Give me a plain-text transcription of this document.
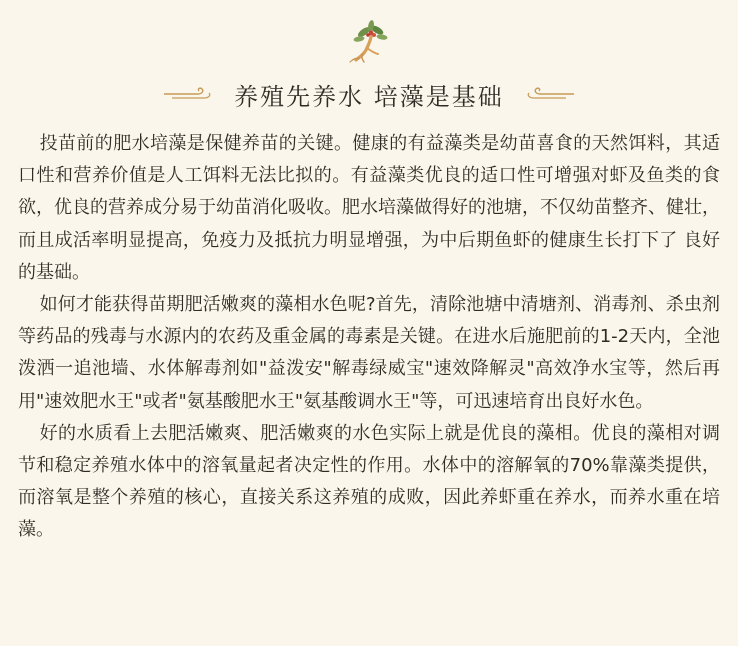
养殖先养水 培藻是基础

投苗前的肥水培藻是保健养苗的关键。健康的有益藻类是幼苗喜食的天然饵料，其适口性和营养价值是人工饵料无法比拟的。有益藻类优良的适口性可增强对虾及鱼类的食欲，优良的营养成分易于幼苗消化吸收。肥水培藻做得好的池塘，不仅幼苗整齐、健壮，而且成活率明显提高，免疫力及抵抗力明显增强，为中后期鱼虾的健康生长打下了 良好的基础。

如何才能获得苗期肥活嫩爽的藻相水色呢?首先，清除池塘中清塘剂、消毒剂、杀虫剂等药品的残毒与水源内的农药及重金属的毒素是关键。在进水后施肥前的1-2天内，全池泼洒一追池墙、水体解毒剂如"益泼安"解毒绿威宝"速效降解灵"高效净水宝等，然后再用"速效肥水王"或者"氨基酸肥水王"氨基酸调水王"等，可迅速培育出良好水色。

好的水质看上去肥活嫩爽、肥活嫩爽的水色实际上就是优良的藻相。优良的藻相对调节和稳定养殖水体中的溶氧量起者决定性的作用。水体中的溶解氧的70%靠藻类提供，而溶氧是整个养殖的核心，直接关系这养殖的成败，因此养虾重在养水，而养水重在培藻。
